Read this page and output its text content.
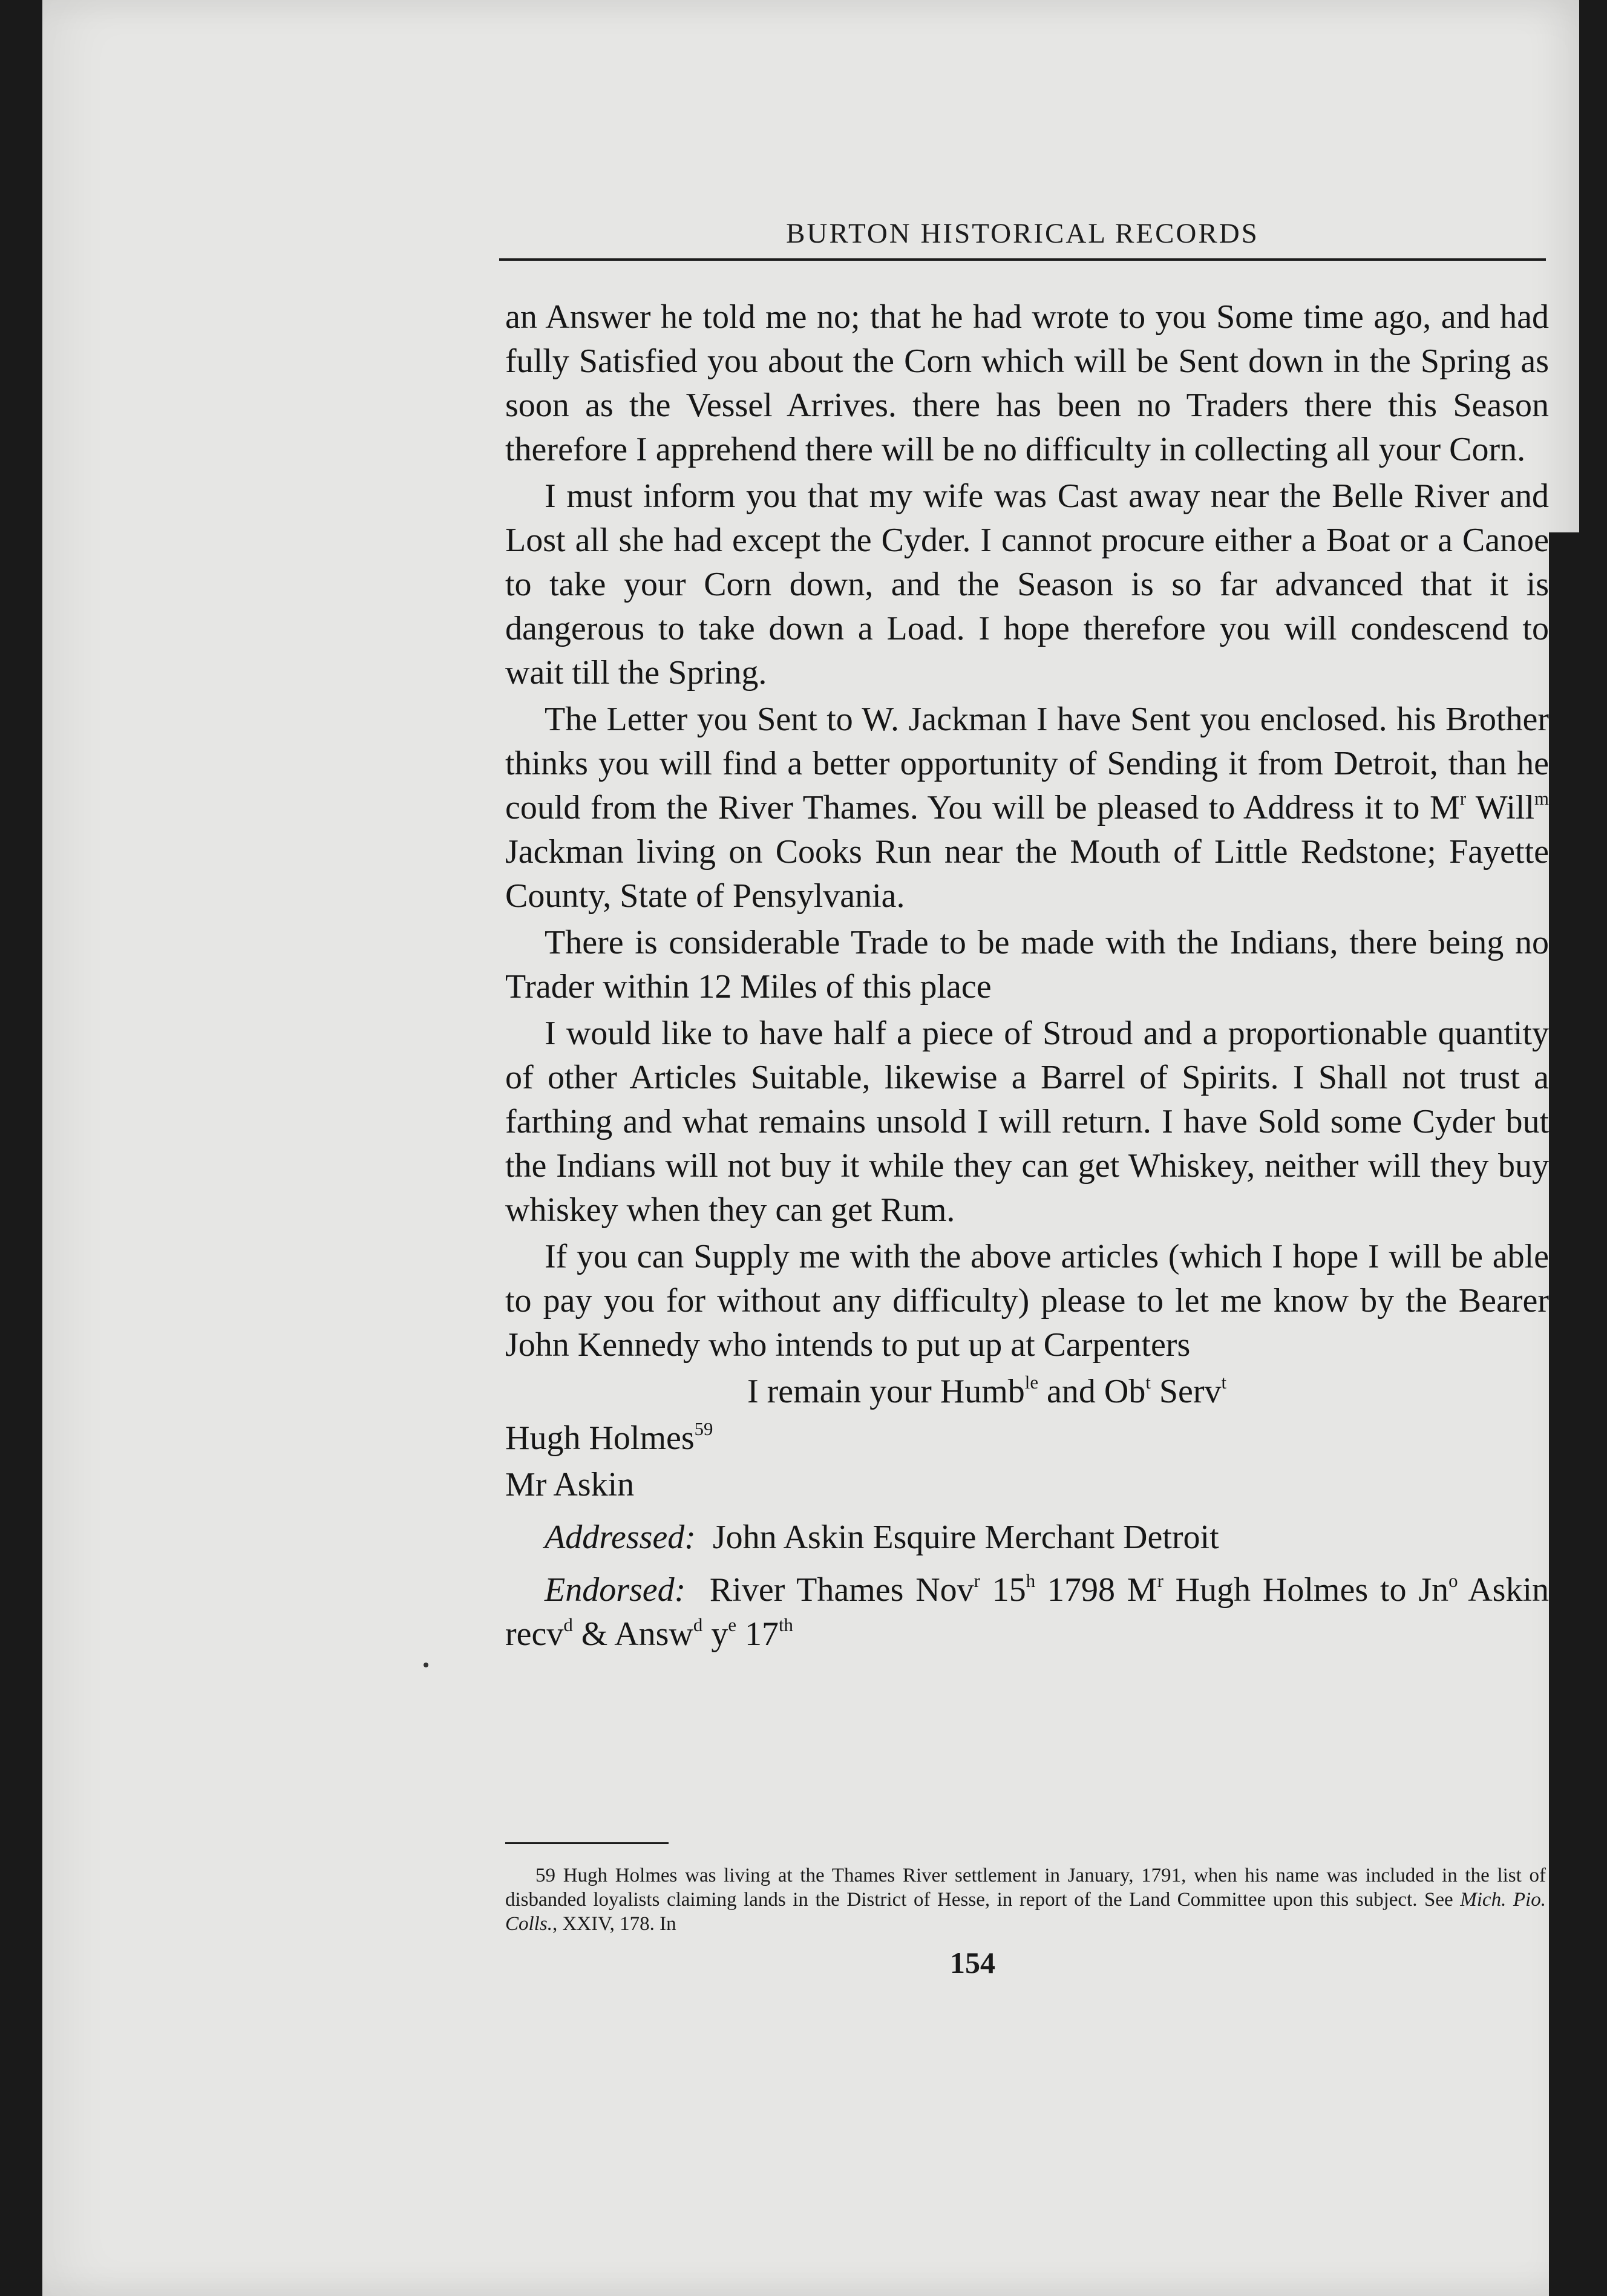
BURTON HISTORICAL RECORDS

an Answer he told me no; that he had wrote to you Some time ago, and had fully Satisfied you about the Corn which will be Sent down in the Spring as soon as the Vessel Arrives. there has been no Traders there this Season therefore I apprehend there will be no difficulty in collecting all your Corn.

I must inform you that my wife was Cast away near the Belle River and Lost all she had except the Cyder. I cannot procure either a Boat or a Canoe to take your Corn down, and the Season is so far advanced that it is dangerous to take down a Load. I hope therefore you will condescend to wait till the Spring.

The Letter you Sent to W. Jackman I have Sent you enclosed. his Brother thinks you will find a better opportunity of Sending it from Detroit, than he could from the River Thames. You will be pleased to Address it to $M^r$ Will$^m$ Jackman living on Cooks Run near the Mouth of Little Redstone; Fayette County, State of Pensylvania.

There is considerable Trade to be made with the Indians, there being no Trader within 12 Miles of this place

I would like to have half a piece of Stroud and a proportionable quantity of other Articles Suitable, likewise a Barrel of Spirits. I Shall not trust a farthing and what remains unsold I will return. I have Sold some Cyder but the Indians will not buy it while they can get Whiskey, neither will they buy whiskey when they can get Rum.

If you can Supply me with the above articles (which I hope I will be able to pay you for without any difficulty) please to let me know by the Bearer John Kennedy who intends to put up at Carpenters

I remain your Humb$^{le}$ and Ob$^t$ Serv$^t$

Hugh Holmes$^{59}$

Mr Askin

Addressed: John Askin Esquire Merchant Detroit

Endorsed: River Thames Nov$^r$ 15$^h$ 1798 $M^r$ Hugh Holmes to Jn$^o$ Askin recv$^d$ & Answ$^d$ $y^e$ 17th

59 Hugh Holmes was living at the Thames River settlement in January, 1791, when his name was included in the list of disbanded loyalists claiming lands in the District of Hesse, in report of the Land Committee upon this subject. See Mich. Pio. Colls., XXIV, 178. In
154
